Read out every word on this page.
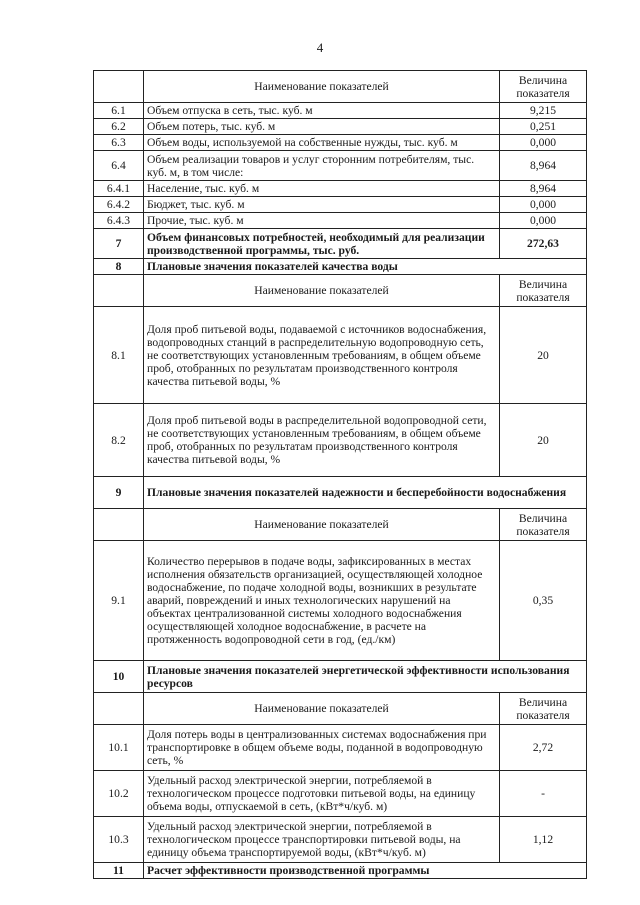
4
	Наименование показателей	Величина показателя
6.1	Объем отпуска в сеть, тыс. куб. м	9,215
6.2	Объем потерь, тыс. куб. м	0,251
6.3	Объем воды, используемой на собственные нужды, тыс. куб. м	0,000
6.4	Объем реализации товаров и услуг сторонним потребителям, тыс. куб. м, в том числе:	8,964
6.4.1	Население, тыс. куб. м	8,964
6.4.2	Бюджет, тыс. куб. м	0,000
6.4.3	Прочие, тыс. куб. м	0,000
7	Объем финансовых потребностей, необходимый для реализации производственной программы, тыс. руб.	272,63
8	Плановые значения показателей качества воды	
	Наименование показателей	Величина показателя
8.1	Доля проб питьевой воды, подаваемой с источников водоснабжения, водопроводных станций в распределительную водопроводную сеть, не соответствующих установленным требованиям, в общем объеме проб, отобранных по результатам производственного контроля качества питьевой воды, %	20
8.2	Доля проб питьевой воды в распределительной водопроводной сети, не соответствующих установленным требованиям, в общем объеме проб, отобранных по результатам производственного контроля качества питьевой воды, %	20
9	Плановые значения показателей надежности и бесперебойности водоснабжения	
	Наименование показателей	Величина показателя
9.1	Количество перерывов в подаче воды, зафиксированных в местах исполнения обязательств организацией, осуществляющей холодное водоснабжение, по подаче холодной воды, возникших в результате аварий, повреждений и иных технологических нарушений на объектах централизованной системы холодного водоснабжения осуществляющей холодное водоснабжение, в расчете на протяженность водопроводной сети в год, (ед./км)	0,35
10	Плановые значения показателей энергетической эффективности использования ресурсов	
	Наименование показателей	Величина показателя
10.1	Доля потерь воды в централизованных системах водоснабжения при транспортировке в общем объеме воды, поданной в водопроводную сеть, %	2,72
10.2	Удельный расход электрической энергии, потребляемой в технологическом процессе подготовки питьевой воды, на единицу объема воды, отпускаемой в сеть, (кВт*ч/куб. м)	-
10.3	Удельный расход электрической энергии, потребляемой в технологическом процессе транспортировки питьевой воды, на единицу объема транспортируемой воды, (кВт*ч/куб. м)	1,12
11	Расчет эффективности производственной программы	
